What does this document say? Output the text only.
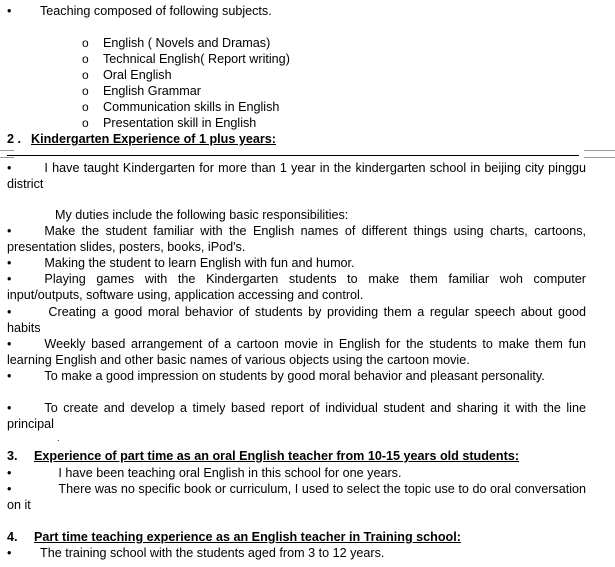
• Teaching composed of following subjects.
o English ( Novels and Dramas)
o Technical English( Report writing)
o Oral English
o English Grammar
o Communication skills in English
o Presentation skill in English
2 . Kindergarten Experience of 1 plus years:
•	I have taught Kindergarten for more than 1 year in the kindergarten school in beijing city pinggu district
My duties include the following basic responsibilities:
•	Make the student familiar with the English names of different things using charts, cartoons, presentation slides, posters, books, iPod's.
•	Making the student to learn English with fun and humor.
•	Playing games with the Kindergarten students to make them familiar woh computer input/outputs, software using, application accessing and control.
•	Creating a good moral behavior of students by providing them a regular speech about good habits
•	Weekly based arrangement of a cartoon movie in English for the students to make them fun learning English and other basic names of various objects using the cartoon movie.
•	To make a good impression on students by good moral behavior and pleasant personality.
•	To create and develop a timely based report of individual student and sharing it with the line principal
.
3. Experience of part time as an oral English teacher from 10-15 years old students:
•	I have been teaching oral English in this school for one years.
•	There was no specific book or curriculum, I used to select the topic use to do oral conversation on it
4. Part time teaching experience as an English teacher in Training school:
• The training school with the students aged from 3 to 12 years.
